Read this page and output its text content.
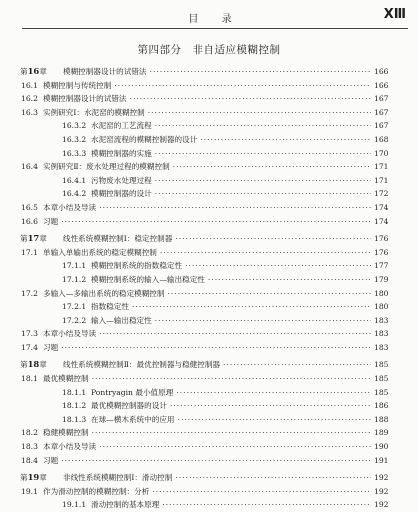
目 录	XⅢ
第四部分　非自适应模糊控制
第16章	模糊控制器设计的试错法 ·····	166
16.1 模糊控制与传统控制 ·····	166
16.2 模糊控制器设计的试错法 ·····	167
16.3 实例研究Ⅰ：水泥窑的模糊控制 ·····	167
16.3.2 水泥窑的工艺流程 ·····	167
16.3.2 水泥窑流程的模糊控制器的设计 ·····	168
16.3.3 模糊控制器的实施 ·····	170
16.4 实例研究Ⅱ：废水处理过程的模糊控制 ·····	171
16.4.1 污物废水处理过程 ·····	171
16.4.2 模糊控制器的设计 ·····	172
16.5 本章小结及导读 ·····	174
16.6 习题 ·····	174
第17章	线性系统模糊控制Ⅰ：稳定控制器 ·····	176
17.1 单输入单输出系统的稳定模糊控制 ·····	176
17.1.1 模糊控制系统的指数稳定性 ·····	177
17.1.2 模糊控制系统的输入—输出稳定性 ·····	179
17.2 多输入—多输出系统的稳定模糊控制 ·····	180
17.2.1 指数稳定性 ·····	180
17.2.2 输入—输出稳定性 ·····	183
17.3 本章小结及导读 ·····	183
17.4 习题 ·····	183
第18章	线性系统模糊控制Ⅱ：最优控制器与稳健控制器 ·····	185
18.1 最优模糊控制 ·····	185
18.1.1 Pontryagin 最小值原理 ·····	185
18.1.2 最优模糊控制器的设计 ·····	186
18.1.3 在球—横木系统中的应用 ·····	188
18.2 稳健模糊控制 ·····	189
18.3 本章小结及导读 ·····	190
18.4 习题 ·····	191
第19章	非线性系统模糊控制Ⅰ：滑动控制 ·····	192
19.1 作为滑动控制的模糊控制：分析 ·····	192
19.1.1 滑动控制的基本原理 ·····	192
